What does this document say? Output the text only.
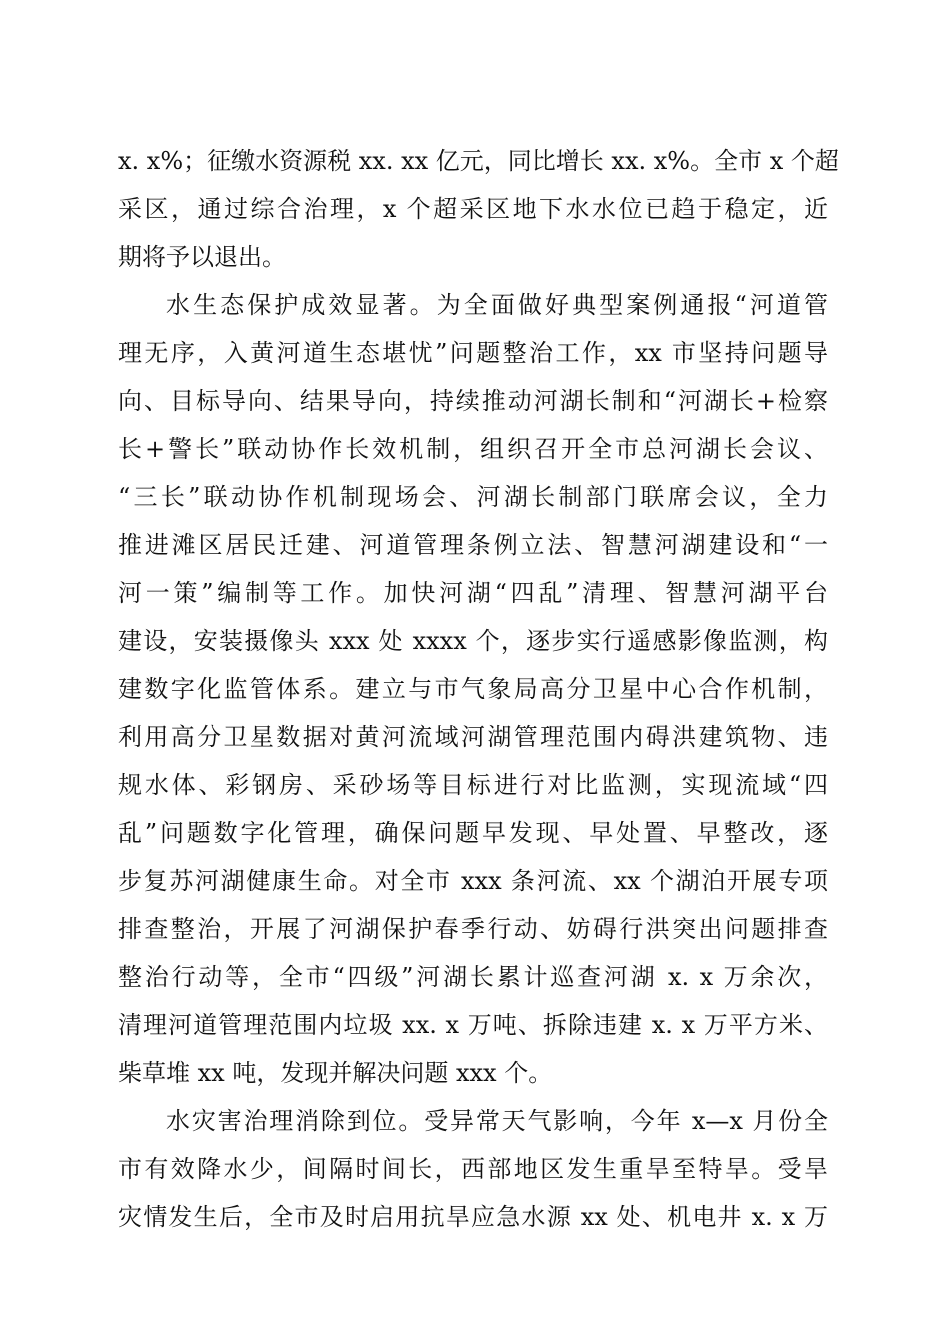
x. x%；征缴水资源税 xx. xx 亿元，同比增长 xx. x%。全市 x 个超

采区，通过综合治理，x 个超采区地下水水位已趋于稳定，近

期将予以退出。

水生态保护成效显著。为全面做好典型案例通报“河道管

理无序，入黄河道生态堪忧”问题整治工作，xx 市坚持问题导

向、目标导向、结果导向，持续推动河湖长制和“河湖长+检察

长+警长”联动协作长效机制，组织召开全市总河湖长会议、

“三长”联动协作机制现场会、河湖长制部门联席会议，全力

推进滩区居民迁建、河道管理条例立法、智慧河湖建设和“一

河一策”编制等工作。加快河湖“四乱”清理、智慧河湖平台

建设，安装摄像头 xxx 处 xxxx 个，逐步实行遥感影像监测，构

建数字化监管体系。建立与市气象局高分卫星中心合作机制，

利用高分卫星数据对黄河流域河湖管理范围内碍洪建筑物、违

规水体、彩钢房、采砂场等目标进行对比监测，实现流域“四

乱”问题数字化管理，确保问题早发现、早处置、早整改，逐

步复苏河湖健康生命。对全市 xxx 条河流、xx 个湖泊开展专项

排查整治，开展了河湖保护春季行动、妨碍行洪突出问题排查

整治行动等，全市“四级”河湖长累计巡查河湖 x. x 万余次，

清理河道管理范围内垃圾 xx. x 万吨、拆除违建 x. x 万平方米、

柴草堆 xx 吨，发现并解决问题 xxx 个。

水灾害治理消除到位。受异常天气影响，今年 x—x 月份全

市有效降水少，间隔时间长，西部地区发生重旱至特旱。受旱

灾情发生后，全市及时启用抗旱应急水源 xx 处、机电井 x. x 万
